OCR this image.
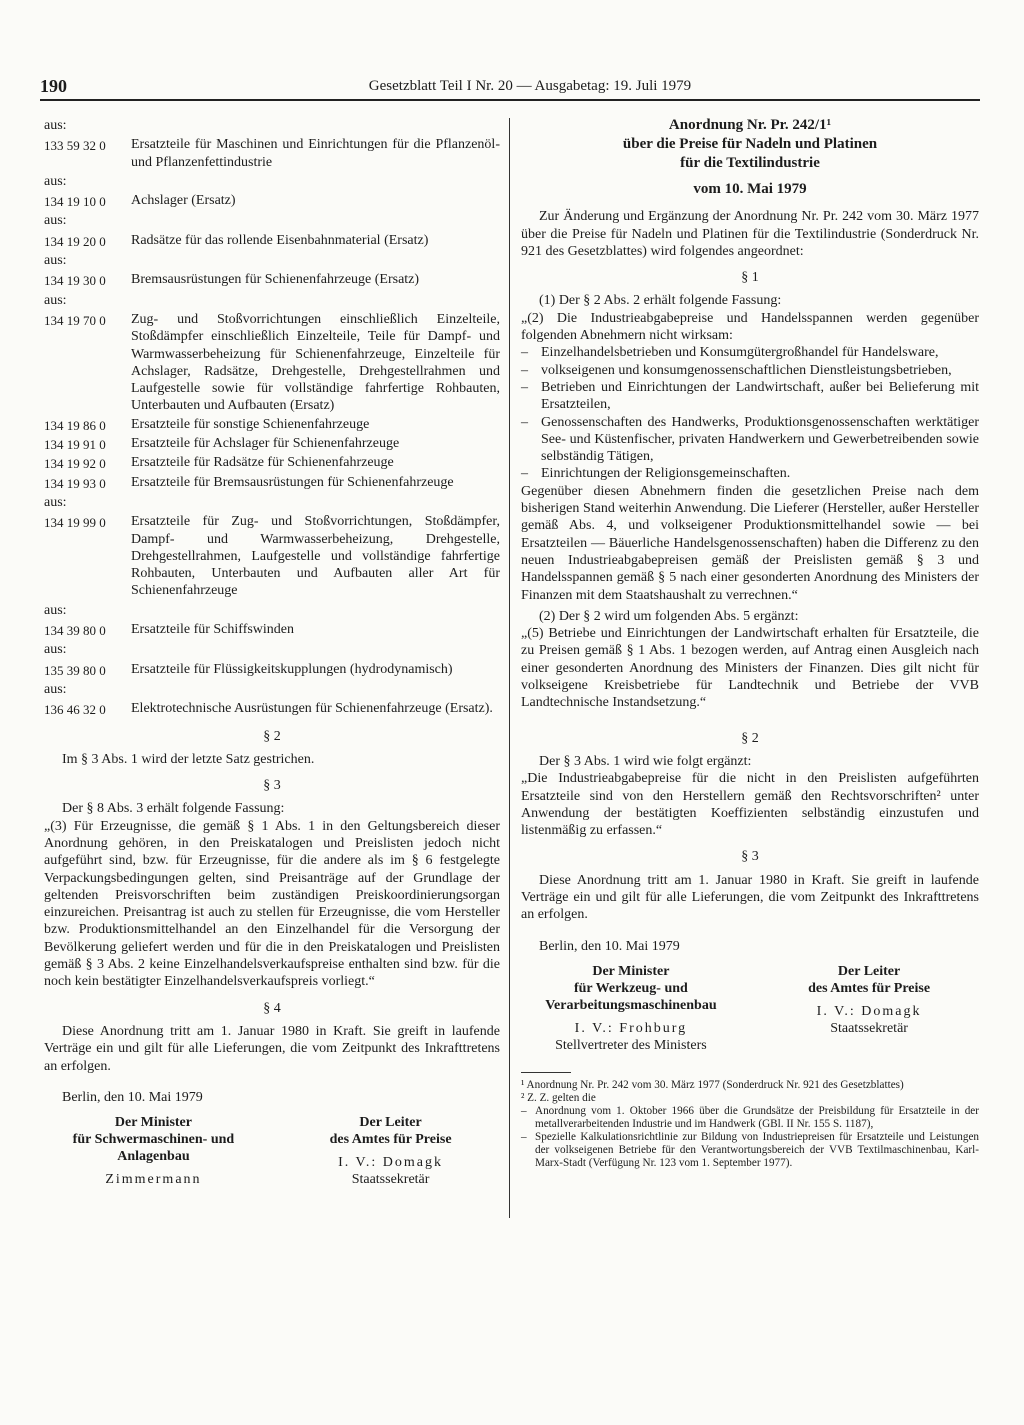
190	Gesetzblatt Teil I Nr. 20 — Ausgabetag: 19. Juli 1979
aus:
133 59 32 0	Ersatzteile für Maschinen und Einrichtungen für die Pflanzenöl- und Pflanzenfettindustrie
aus:
134 19 10 0	Achslager (Ersatz)
aus:
134 19 20 0	Radsätze für das rollende Eisenbahnmaterial (Ersatz)
aus:
134 19 30 0	Bremsausrüstungen für Schienenfahrzeuge (Ersatz)
aus:
134 19 70 0	Zug- und Stoßvorrichtungen einschließlich Einzelteile, Stoßdämpfer einschließlich Einzelteile, Teile für Dampf- und Warmwasserbeheizung für Schienenfahrzeuge, Einzelteile für Achslager, Radsätze, Drehgestelle, Drehgestellrahmen und Laufgestelle sowie für vollständige fahrfertige Rohbauten, Unterbauten und Aufbauten (Ersatz)
134 19 86 0	Ersatzteile für sonstige Schienenfahrzeuge
134 19 91 0	Ersatzteile für Achslager für Schienenfahrzeuge
134 19 92 0	Ersatzteile für Radsätze für Schienenfahrzeuge
134 19 93 0	Ersatzteile für Bremsausrüstungen für Schienenfahrzeuge
aus:
134 19 99 0	Ersatzteile für Zug- und Stoßvorrichtungen, Stoßdämpfer, Dampf- und Warmwasserbeheizung, Drehgestelle, Drehgestellrahmen, Laufgestelle und vollständige fahrfertige Rohbauten, Unterbauten und Aufbauten aller Art für Schienenfahrzeuge
aus:
134 39 80 0	Ersatzteile für Schiffswinden
aus:
135 39 80 0	Ersatzteile für Flüssigkeitskupplungen (hydrodynamisch)
aus:
136 46 32 0	Elektrotechnische Ausrüstungen für Schienenfahrzeuge (Ersatz).
§ 2

Im § 3 Abs. 1 wird der letzte Satz gestrichen.

§ 3

Der § 8 Abs. 3 erhält folgende Fassung:

„(3) Für Erzeugnisse, die gemäß § 1 Abs. 1 in den Geltungsbereich dieser Anordnung gehören, in den Preiskatalogen und Preislisten jedoch nicht aufgeführt sind, bzw. für Erzeugnisse, für die andere als im § 6 festgelegte Verpackungsbedingungen gelten, sind Preisanträge auf der Grundlage der geltenden Preisvorschriften beim zuständigen Preiskoordinierungsorgan einzureichen. Preisantrag ist auch zu stellen für Erzeugnisse, die vom Hersteller bzw. Produktionsmittelhandel an den Einzelhandel für die Versorgung der Bevölkerung geliefert werden und für die in den Preiskatalogen und Preislisten gemäß § 3 Abs. 2 keine Einzelhandelsverkaufspreise enthalten sind bzw. für die noch kein bestätigter Einzelhandelsverkaufspreis vorliegt.“

§ 4

Diese Anordnung tritt am 1. Januar 1980 in Kraft. Sie greift in laufende Verträge ein und gilt für alle Lieferungen, die vom Zeitpunkt des Inkrafttretens an erfolgen.

Berlin, den 10. Mai 1979
Der Minister
für Schwermaschinen- und
Anlagenbau
Zimmermann
Der Leiter
des Amtes für Preise
I. V.: Domagk
Staatssekretär
Anordnung Nr. Pr. 242/1¹
über die Preise für Nadeln und Platinen
für die Textilindustrie
vom 10. Mai 1979

Zur Änderung und Ergänzung der Anordnung Nr. Pr. 242 vom 30. März 1977 über die Preise für Nadeln und Platinen für die Textilindustrie (Sonderdruck Nr. 921 des Gesetzblattes) wird folgendes angeordnet:

§ 1

(1) Der § 2 Abs. 2 erhält folgende Fassung:

„(2) Die Industrieabgabepreise und Handelsspannen werden gegenüber folgenden Abnehmern nicht wirksam:

– Einzelhandelsbetrieben und Konsumgütergroßhandel für Handelsware,
– volkseigenen und konsumgenossenschaftlichen Dienstleistungsbetrieben,
– Betrieben und Einrichtungen der Landwirtschaft, außer bei Belieferung mit Ersatzteilen,
– Genossenschaften des Handwerks, Produktionsgenossenschaften werktätiger See- und Küstenfischer, privaten Handwerkern und Gewerbetreibenden sowie selbständig Tätigen,
– Einrichtungen der Religionsgemeinschaften.

Gegenüber diesen Abnehmern finden die gesetzlichen Preise nach dem bisherigen Stand weiterhin Anwendung. Die Lieferer (Hersteller, außer Hersteller gemäß Abs. 4, und volkseigener Produktionsmittelhandel sowie — bei Ersatzteilen — Bäuerliche Handelsgenossenschaften) haben die Differenz zu den neuen Industrieabgabepreisen gemäß der Preislisten gemäß § 3 und Handelsspannen gemäß § 5 nach einer gesonderten Anordnung des Ministers der Finanzen mit dem Staatshaushalt zu verrechnen.“

(2) Der § 2 wird um folgenden Abs. 5 ergänzt:

„(5) Betriebe und Einrichtungen der Landwirtschaft erhalten für Ersatzteile, die zu Preisen gemäß § 1 Abs. 1 bezogen werden, auf Antrag einen Ausgleich nach einer gesonderten Anordnung des Ministers der Finanzen. Dies gilt nicht für volkseigene Kreisbetriebe für Landtechnik und Betriebe der VVB Landtechnische Instandsetzung.“

§ 2

Der § 3 Abs. 1 wird wie folgt ergänzt:

„Die Industrieabgabepreise für die nicht in den Preislisten aufgeführten Ersatzteile sind von den Herstellern gemäß den Rechtsvorschriften² unter Anwendung der bestätigten Koeffizienten selbständig einzustufen und listenmäßig zu erfassen.“

§ 3

Diese Anordnung tritt am 1. Januar 1980 in Kraft. Sie greift in laufende Verträge ein und gilt für alle Lieferungen, die vom Zeitpunkt des Inkrafttretens an erfolgen.

Berlin, den 10. Mai 1979
Der Minister
für Werkzeug- und
Verarbeitungsmaschinenbau
I. V.: Frohburg
Stellvertreter des Ministers
Der Leiter
des Amtes für Preise
I. V.: Domagk
Staatssekretär
¹ Anordnung Nr. Pr. 242 vom 30. März 1977 (Sonderdruck Nr. 921 des Gesetzblattes)
² Z. Z. gelten die
– Anordnung vom 1. Oktober 1966 über die Grundsätze der Preisbildung für Ersatzteile in der metallverarbeitenden Industrie und im Handwerk (GBl. II Nr. 155 S. 1187),
– Spezielle Kalkulationsrichtlinie zur Bildung von Industriepreisen für Ersatzteile und Leistungen der volkseigenen Betriebe für den Verantwortungsbereich der VVB Textilmaschinenbau, Karl-Marx-Stadt (Verfügung Nr. 123 vom 1. September 1977).
